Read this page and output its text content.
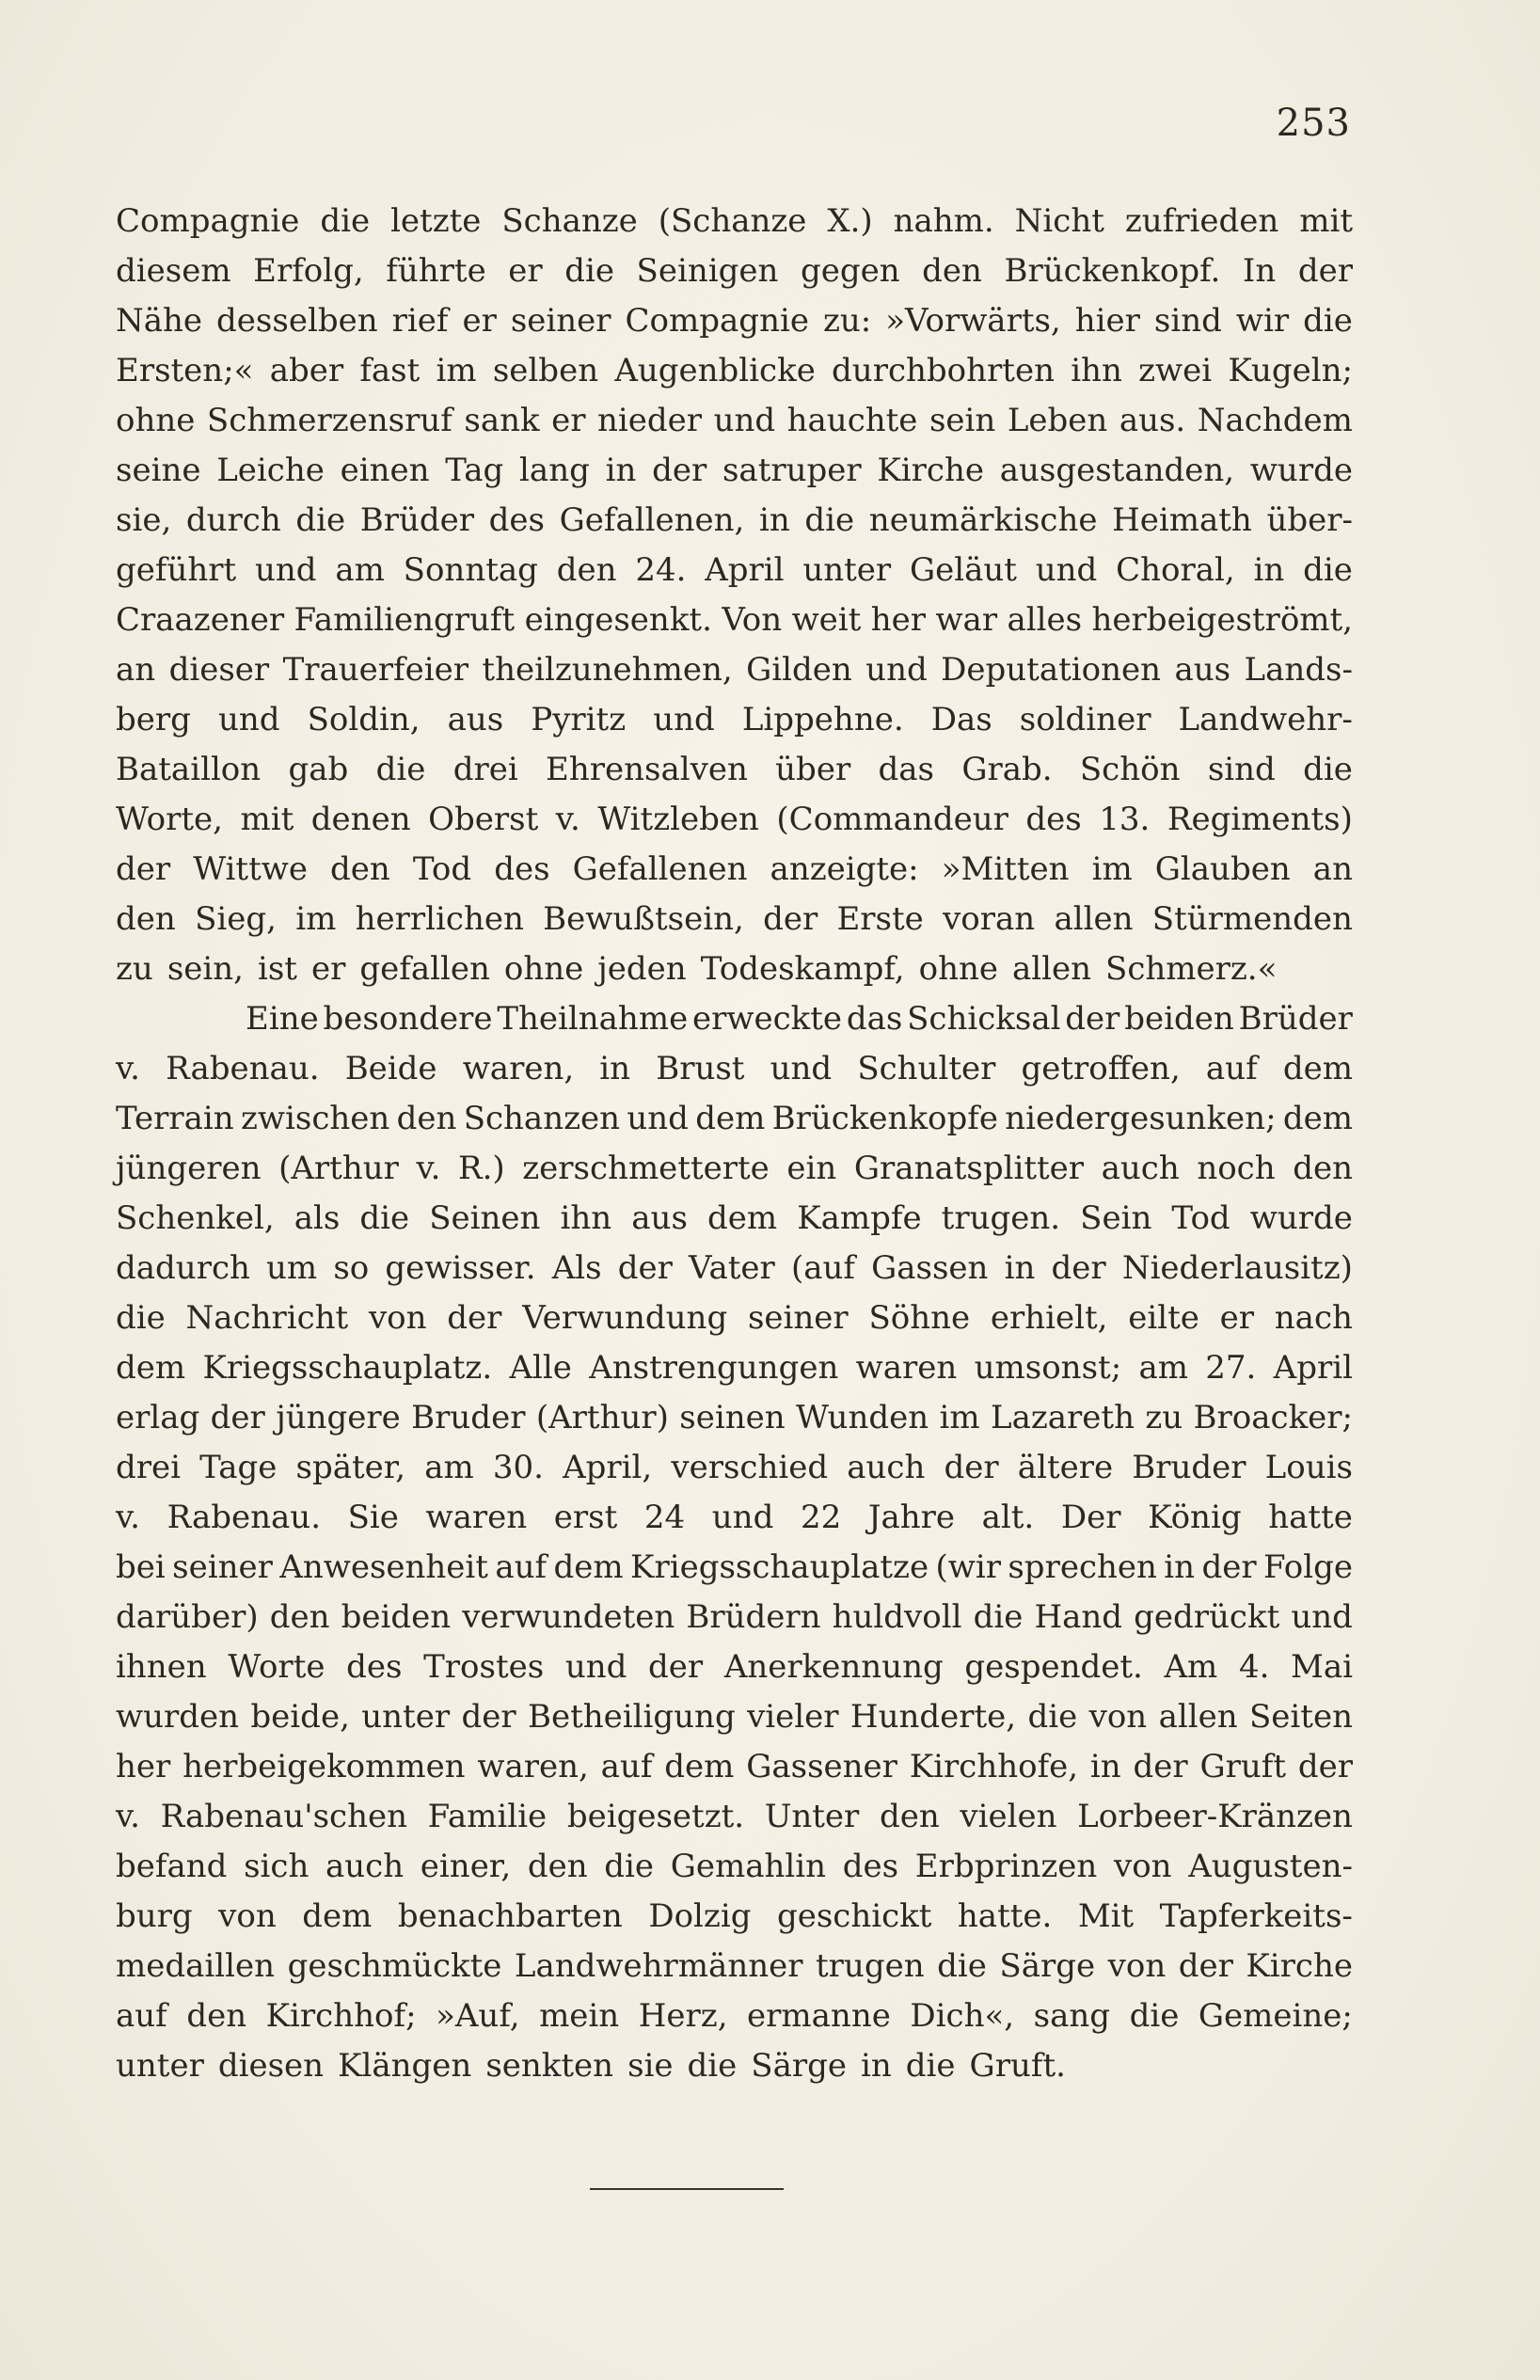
253
Compagnie die letzte Schanze (Schanze X.) nahm. Nicht zufrieden mit
diesem Erfolg, führte er die Seinigen gegen den Brückenkopf. In der
Nähe desselben rief er seiner Compagnie zu: »Vorwärts, hier sind wir die
Ersten;« aber fast im selben Augenblicke durchbohrten ihn zwei Kugeln;
ohne Schmerzensruf sank er nieder und hauchte sein Leben aus. Nachdem
seine Leiche einen Tag lang in der satruper Kirche ausgestanden, wurde
sie, durch die Brüder des Gefallenen, in die neumärkische Heimath über-
geführt und am Sonntag den 24. April unter Geläut und Choral, in die
Craazener Familiengruft eingesenkt. Von weit her war alles herbeigeströmt,
an dieser Trauerfeier theilzunehmen, Gilden und Deputationen aus Lands-
berg und Soldin, aus Pyritz und Lippehne. Das soldiner Landwehr-
Bataillon gab die drei Ehrensalven über das Grab. Schön sind die
Worte, mit denen Oberst v. Witzleben (Commandeur des 13. Regiments)
der Wittwe den Tod des Gefallenen anzeigte: »Mitten im Glauben an
den Sieg, im herrlichen Bewußtsein, der Erste voran allen Stürmenden
zu sein, ist er gefallen ohne jeden Todeskampf, ohne allen Schmerz.«
Eine besondere Theilnahme erweckte das Schicksal der beiden Brüder
v. Rabenau. Beide waren, in Brust und Schulter getroffen, auf dem
Terrain zwischen den Schanzen und dem Brückenkopfe niedergesunken; dem
jüngeren (Arthur v. R.) zerschmetterte ein Granatsplitter auch noch den
Schenkel, als die Seinen ihn aus dem Kampfe trugen. Sein Tod wurde
dadurch um so gewisser. Als der Vater (auf Gassen in der Niederlausitz)
die Nachricht von der Verwundung seiner Söhne erhielt, eilte er nach
dem Kriegsschauplatz. Alle Anstrengungen waren umsonst; am 27. April
erlag der jüngere Bruder (Arthur) seinen Wunden im Lazareth zu Broacker;
drei Tage später, am 30. April, verschied auch der ältere Bruder Louis
v. Rabenau. Sie waren erst 24 und 22 Jahre alt. Der König hatte
bei seiner Anwesenheit auf dem Kriegsschauplatze (wir sprechen in der Folge
darüber) den beiden verwundeten Brüdern huldvoll die Hand gedrückt und
ihnen Worte des Trostes und der Anerkennung gespendet. Am 4. Mai
wurden beide, unter der Betheiligung vieler Hunderte, die von allen Seiten
her herbeigekommen waren, auf dem Gassener Kirchhofe, in der Gruft der
v. Rabenau'schen Familie beigesetzt. Unter den vielen Lorbeer-Kränzen
befand sich auch einer, den die Gemahlin des Erbprinzen von Augusten-
burg von dem benachbarten Dolzig geschickt hatte. Mit Tapferkeits-
medaillen geschmückte Landwehrmänner trugen die Särge von der Kirche
auf den Kirchhof; »Auf, mein Herz, ermanne Dich«, sang die Gemeine;
unter diesen Klängen senkten sie die Särge in die Gruft.
